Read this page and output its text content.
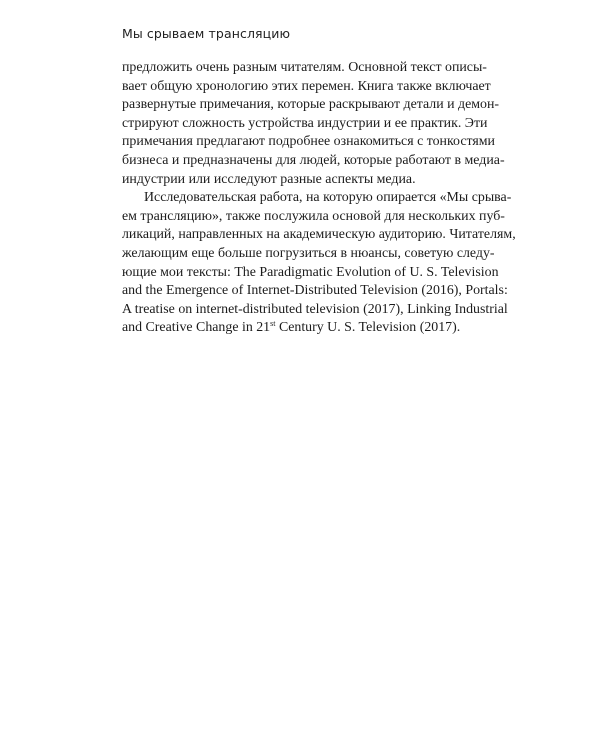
Мы срываем трансляцию
предложить очень разным читателям. Основной текст описы-
вает общую хронологию этих перемен. Книга также включает
развернутые примечания, которые раскрывают детали и демон-
стрируют сложность устройства индустрии и ее практик. Эти
примечания предлагают подробнее ознакомиться с тонкостями
бизнеса и предназначены для людей, которые работают в медиа-
индустрии или исследуют разные аспекты медиа.
Исследовательская работа, на которую опирается «Мы срыва-
ем трансляцию», также послужила основой для нескольких пуб-
ликаций, направленных на академическую аудиторию. Читателям,
желающим еще больше погрузиться в нюансы, советую следу-
ющие мои тексты: The Paradigmatic Evolution of U. S. Television
and the Emergence of Internet-Distributed Television (2016), Portals:
A treatise on internet-distributed television (2017), Linking Industrial
and Creative Change in 21st Century U. S. Television (2017).
